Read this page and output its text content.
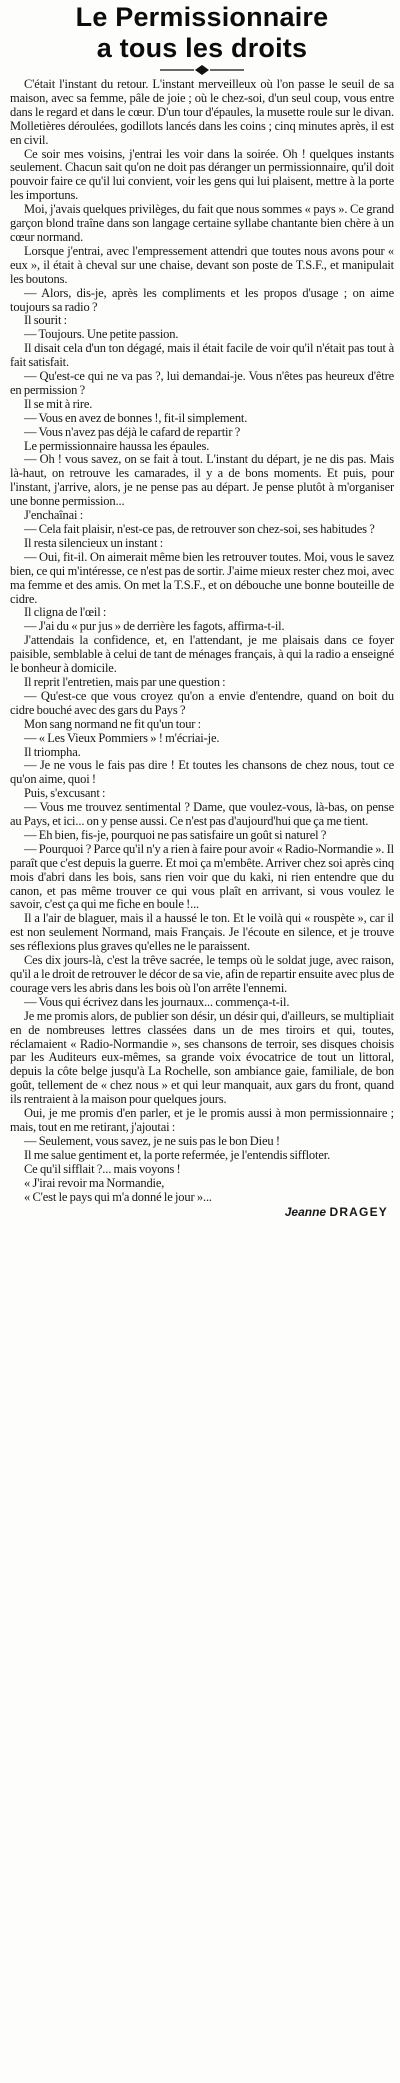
Le Permissionnaire
a tous les droits

C'était l'instant du retour. L'instant merveilleux où l'on passe le seuil de sa maison, avec sa femme, pâle de joie ; où le chez-soi, d'un seul coup, vous entre dans le regard et dans le cœur. D'un tour d'épaules, la musette roule sur le divan. Molletières déroulées, godillots lancés dans les coins ; cinq minutes après, il est en civil.

Ce soir mes voisins, j'entrai les voir dans la soirée. Oh ! quelques instants seulement. Chacun sait qu'on ne doit pas déranger un permissionnaire, qu'il doit pouvoir faire ce qu'il lui convient, voir les gens qui lui plaisent, mettre à la porte les importuns.

Moi, j'avais quelques privilèges, du fait que nous sommes « pays ». Ce grand garçon blond traîne dans son langage certaine syllabe chantante bien chère à un cœur normand.

Lorsque j'entrai, avec l'empressement attendri que toutes nous avons pour « eux », il était à cheval sur une chaise, devant son poste de T.S.F., et manipulait les boutons.

— Alors, dis-je, après les compliments et les propos d'usage ; on aime toujours sa radio ?

Il sourit :

— Toujours. Une petite passion.

Il disait cela d'un ton dégagé, mais il était facile de voir qu'il n'était pas tout à fait satisfait.

— Qu'est-ce qui ne va pas ?, lui demandai-je. Vous n'êtes pas heureux d'être en permission ?

Il se mit à rire.

— Vous en avez de bonnes !, fit-il simplement.

— Vous n'avez pas déjà le cafard de repartir ?

Le permissionnaire haussa les épaules.

— Oh ! vous savez, on se fait à tout. L'instant du départ, je ne dis pas. Mais là-haut, on retrouve les camarades, il y a de bons moments. Et puis, pour l'instant, j'arrive, alors, je ne pense pas au départ. Je pense plutôt à m'organiser une bonne permission...

J'enchaînai :

— Cela fait plaisir, n'est-ce pas, de retrouver son chez-soi, ses habitudes ?

Il resta silencieux un instant :

— Oui, fit-il. On aimerait même bien les retrouver toutes. Moi, vous le savez bien, ce qui m'intéresse, ce n'est pas de sortir. J'aime mieux rester chez moi, avec ma femme et des amis. On met la T.S.F., et on débouche une bonne bouteille de cidre.

Il cligna de l'œil :

— J'ai du « pur jus » de derrière les fagots, affirma-t-il.

J'attendais la confidence, et, en l'attendant, je me plaisais dans ce foyer paisible, semblable à celui de tant de ménages français, à qui la radio a enseigné le bonheur à domicile.

Il reprit l'entretien, mais par une question :

— Qu'est-ce que vous croyez qu'on a envie d'entendre, quand on boit du cidre bouché avec des gars du Pays ?

Mon sang normand ne fit qu'un tour :

— « Les Vieux Pommiers » ! m'écriai-je.

Il triompha.

— Je ne vous le fais pas dire ! Et toutes les chansons de chez nous, tout ce qu'on aime, quoi !

Puis, s'excusant :

— Vous me trouvez sentimental ? Dame, que voulez-vous, là-bas, on pense au Pays, et ici... on y pense aussi. Ce n'est pas d'aujourd'hui que ça me tient.

— Eh bien, fis-je, pourquoi ne pas satisfaire un goût si naturel ?

— Pourquoi ? Parce qu'il n'y a rien à faire pour avoir « Radio-Normandie ». Il paraît que c'est depuis la guerre. Et moi ça m'embête. Arriver chez soi après cinq mois d'abri dans les bois, sans rien voir que du kaki, ni rien entendre que du canon, et pas même trouver ce qui vous plaît en arrivant, si vous voulez le savoir, c'est ça qui me fiche en boule !...

Il a l'air de blaguer, mais il a haussé le ton. Et le voilà qui « rouspète », car il est non seulement Normand, mais Français. Je l'écoute en silence, et je trouve ses réflexions plus graves qu'elles ne le paraissent.

Ces dix jours-là, c'est la trêve sacrée, le temps où le soldat juge, avec raison, qu'il a le droit de retrouver le décor de sa vie, afin de repartir ensuite avec plus de courage vers les abris dans les bois où l'on arrête l'ennemi.

— Vous qui écrivez dans les journaux... commença-t-il.

Je me promis alors, de publier son désir, un désir qui, d'ailleurs, se multipliait en de nombreuses lettres classées dans un de mes tiroirs et qui, toutes, réclamaient « Radio-Normandie », ses chansons de terroir, ses disques choisis par les Auditeurs eux-mêmes, sa grande voix évocatrice de tout un littoral, depuis la côte belge jusqu'à La Rochelle, son ambiance gaie, familiale, de bon goût, tellement de « chez nous » et qui leur manquait, aux gars du front, quand ils rentraient à la maison pour quelques jours.

Oui, je me promis d'en parler, et je le promis aussi à mon permissionnaire ; mais, tout en me retirant, j'ajoutai :

— Seulement, vous savez, je ne suis pas le bon Dieu !

Il me salue gentiment et, la porte refermée, je l'entendis siffloter.

Ce qu'il sifflait ?... mais voyons !

« J'irai revoir ma Normandie,

« C'est le pays qui m'a donné le jour »...

Jeanne DRAGEY
